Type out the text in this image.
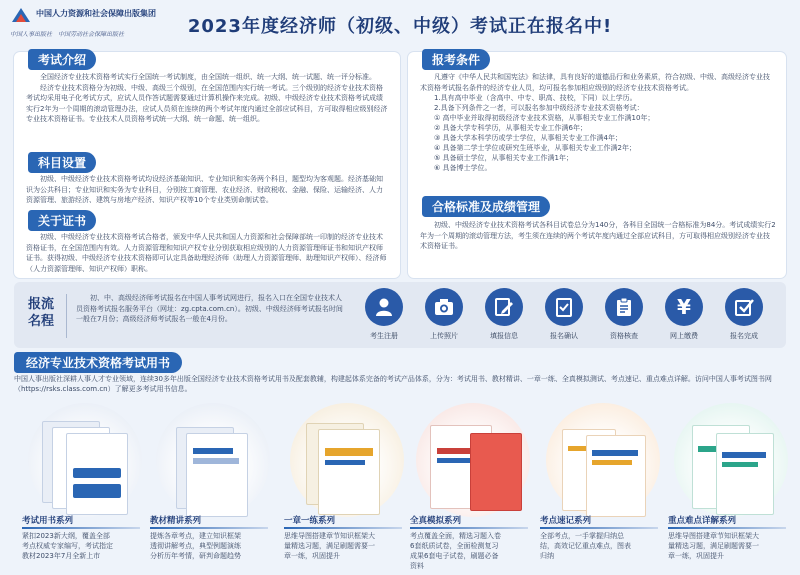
中国人力资源和社会保障出版集团
中国人事出版社 中国劳动社会保障出版社	2023年度经济师（初级、中级）考试正在报名中!
考试介绍

全国经济专业技术资格考试实行全国统一考试制度，由全国统一组织、统一大纲、统一试题、统一评分标准。

经济专业技术资格分为初级、中级、高级三个级别，在全国范围内实行统一考试。三个级别的经济专业技术资格考试均采用电子化考试方式，应试人员作答试题需要通过计算机操作来完成。初级、中级经济专业技术资格考试成绩实行2年为一个周期的滚动管理办法，应试人员须在连续的两个考试年度内通过全部应试科目，方可取得相应级别经济专业技术资格证书。专业技术人员资格考试统一大纲、统一命题、统一组织。

科目设置

初级、中级经济专业技术资格考试均设经济基础知识、专业知识和实务两个科目，题型均为客观题。经济基础知识为公共科目；专业知识和实务为专业科目，分别按工商管理、农业经济、财政税收、金融、保险、运输经济、人力资源管理、旅游经济、建筑与房地产经济、知识产权等10个专业类别命制试卷。

关于证书

初级、中级经济专业技术资格考试合格者，颁发中华人民共和国人力资源和社会保障部统一印制的经济专业技术资格证书，在全国范围内有效。人力资源管理和知识产权专业分别获取相应级别的人力资源管理师证书和知识产权师证书。获得初级、中级经济专业技术资格即可认定具备助理经济师（助理人力资源管理师、助理知识产权师）、经济师（人力资源管理师、知识产权师）职称。

报考条件

凡遵守《中华人民共和国宪法》和法律，具有良好的道德品行和业务素质，符合初级、中级、高级经济专业技术资格考试报名条件的经济专业人员，均可报名参加相应级别的经济专业技术资格考试。

1.具有高中毕业（含高中、中专、职高、技校，下同）以上学历。

2.具备下列条件之一者，可以报名参加中级经济专业技术资格考试：

① 高中毕业并取得初级经济专业技术资格，从事相关专业工作满10年；

② 具备大学专科学历，从事相关专业工作满6年；

③ 具备大学本科学历或学士学位，从事相关专业工作满4年；

④ 具备第二学士学位或研究生班毕业，从事相关专业工作满2年；

⑤ 具备硕士学位，从事相关专业工作满1年；

⑥ 具备博士学位。

合格标准及成绩管理

初级、中级经济专业技术资格考试各科目试卷总分为140分，各科目全国统一合格标准为84分。考试成绩实行2年为一个周期的滚动管理方法，考生须在连续的两个考试年度内通过全部应试科目，方可取得相应级别经济专业技术资格证书。

报流
名程
初、中、高级经济师考试报名在中国人事考试网进行，报名入口在全国专业技术人员资格考试报名服务平台（网址：zg.cpta.com.cn）。初级、中级经济师考试报名时间一般在7月份；高级经济师考试报名一般在4月份。
考生注册	上传照片	填报信息	报名确认	资格核查
¥
网上缴费	报名完成
经济专业技术资格考试用书
中国人事出版社深耕人事人才专业领域，连续30多年出版全国经济专业技术资格考试用书及配套教辅，构建起体系完备的考试产品体系，分为：考试用书、教材精讲、一章一练、全真模拟测试、考点速记、重点难点详解。访问中国人事考试图书网（https://rsks.class.com.cn）了解更多考试用书信息。
考试用书系列
紧扣2023新大纲，覆盖全部考点权威专家编写，考试指定教材2023年7月全新上市
教材精讲系列
提炼各章考点，建立知识框架透彻讲解考点，典型例题演练分析历年考情，研判命题趋势
一章一练系列
思维导图搭建章节知识框架大量精选习题，满足刷题需要一章一练，巩固提升
全真模拟系列
考点覆盖全面，精选习题入卷6套纸质试卷，全面检测复习成果6套电子试卷，刷题必备资料
考点速记系列
全部考点，一手掌握归纳总结，高效记忆重点难点，图表归纳
重点难点详解系列
思维导图搭建章节知识框架大量精选习题，满足刷题需要一章一练，巩固提升
